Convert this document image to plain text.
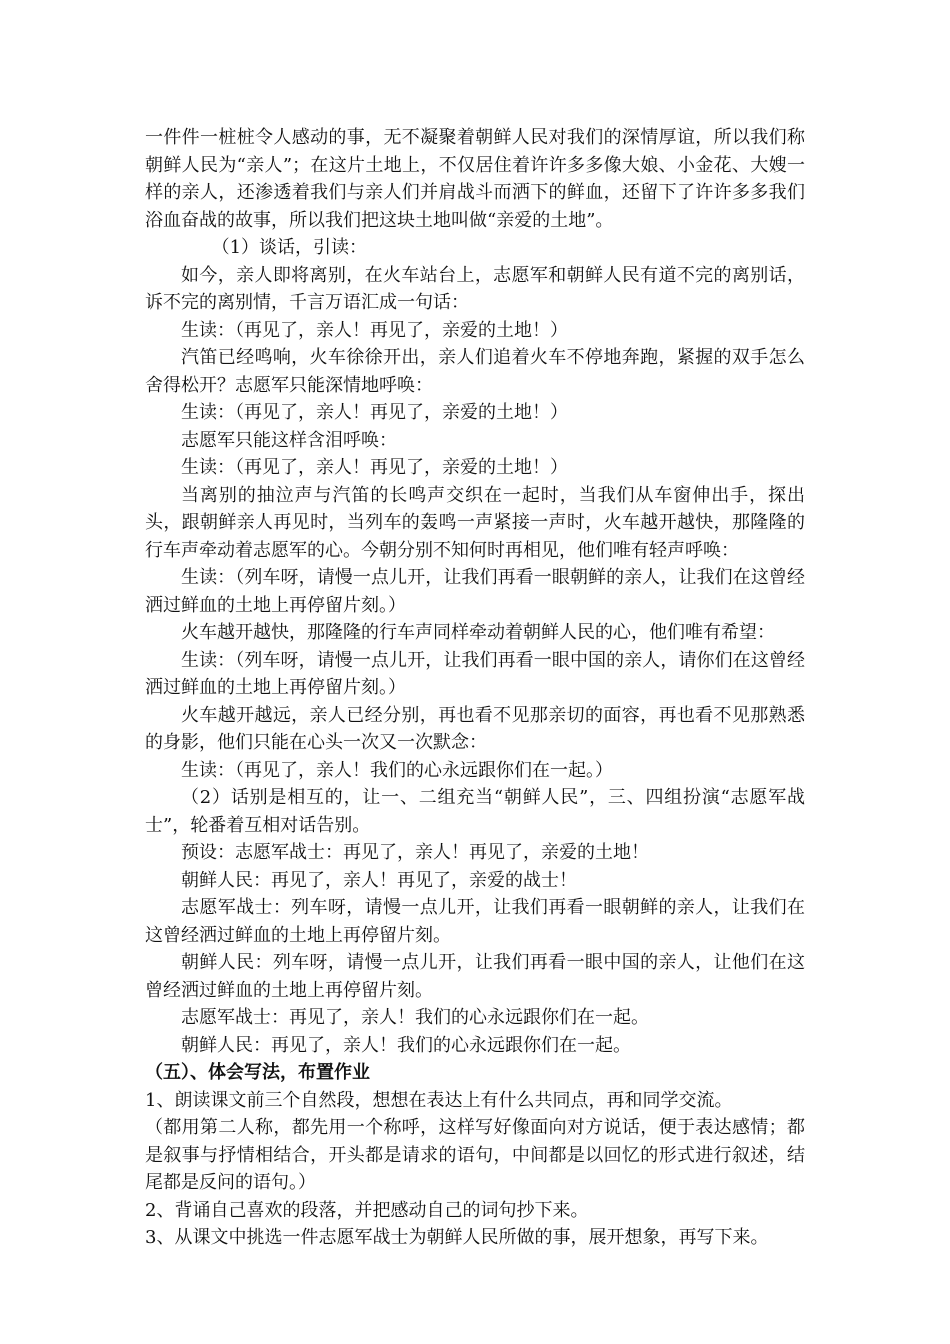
一件件一桩桩令人感动的事，无不凝聚着朝鲜人民对我们的深情厚谊，所以我们称朝鲜人民为“亲人”；在这片土地上，不仅居住着许许多多像大娘、小金花、大嫂一样的亲人，还渗透着我们与亲人们并肩战斗而洒下的鲜血，还留下了许许多多我们浴血奋战的故事，所以我们把这块土地叫做“亲爱的土地”。

（1）谈话，引读：

如今，亲人即将离别，在火车站台上，志愿军和朝鲜人民有道不完的离别话，诉不完的离别情，千言万语汇成一句话：

生读：（再见了，亲人！再见了，亲爱的土地！）

汽笛已经鸣响，火车徐徐开出，亲人们追着火车不停地奔跑，紧握的双手怎么舍得松开？志愿军只能深情地呼唤：

生读：（再见了，亲人！再见了，亲爱的土地！）

志愿军只能这样含泪呼唤：

生读：（再见了，亲人！再见了，亲爱的土地！）

当离别的抽泣声与汽笛的长鸣声交织在一起时，当我们从车窗伸出手，探出头，跟朝鲜亲人再见时，当列车的轰鸣一声紧接一声时，火车越开越快，那隆隆的行车声牵动着志愿军的心。今朝分别不知何时再相见，他们唯有轻声呼唤：

生读：（列车呀，请慢一点儿开，让我们再看一眼朝鲜的亲人，让我们在这曾经洒过鲜血的土地上再停留片刻。）

火车越开越快，那隆隆的行车声同样牵动着朝鲜人民的心，他们唯有希望：

生读：（列车呀，请慢一点儿开，让我们再看一眼中国的亲人，请你们在这曾经洒过鲜血的土地上再停留片刻。）

火车越开越远，亲人已经分别，再也看不见那亲切的面容，再也看不见那熟悉的身影，他们只能在心头一次又一次默念：

生读：（再见了，亲人！我们的心永远跟你们在一起。）

（2）话别是相互的，让一、二组充当“朝鲜人民”，三、四组扮演“志愿军战士”，轮番着互相对话告别。

预设：志愿军战士：再见了，亲人！再见了，亲爱的土地！

朝鲜人民：再见了，亲人！再见了，亲爱的战士！

志愿军战士：列车呀，请慢一点儿开，让我们再看一眼朝鲜的亲人，让我们在这曾经洒过鲜血的土地上再停留片刻。

朝鲜人民：列车呀，请慢一点儿开，让我们再看一眼中国的亲人，让他们在这曾经洒过鲜血的土地上再停留片刻。

志愿军战士：再见了，亲人！我们的心永远跟你们在一起。

朝鲜人民：再见了，亲人！我们的心永远跟你们在一起。

（五）、体会写法，布置作业

1、朗读课文前三个自然段，想想在表达上有什么共同点，再和同学交流。

（都用第二人称，都先用一个称呼，这样写好像面向对方说话，便于表达感情；都是叙事与抒情相结合，开头都是请求的语句，中间都是以回忆的形式进行叙述，结尾都是反问的语句。）

2、背诵自己喜欢的段落，并把感动自己的词句抄下来。

3、从课文中挑选一件志愿军战士为朝鲜人民所做的事，展开想象，再写下来。
